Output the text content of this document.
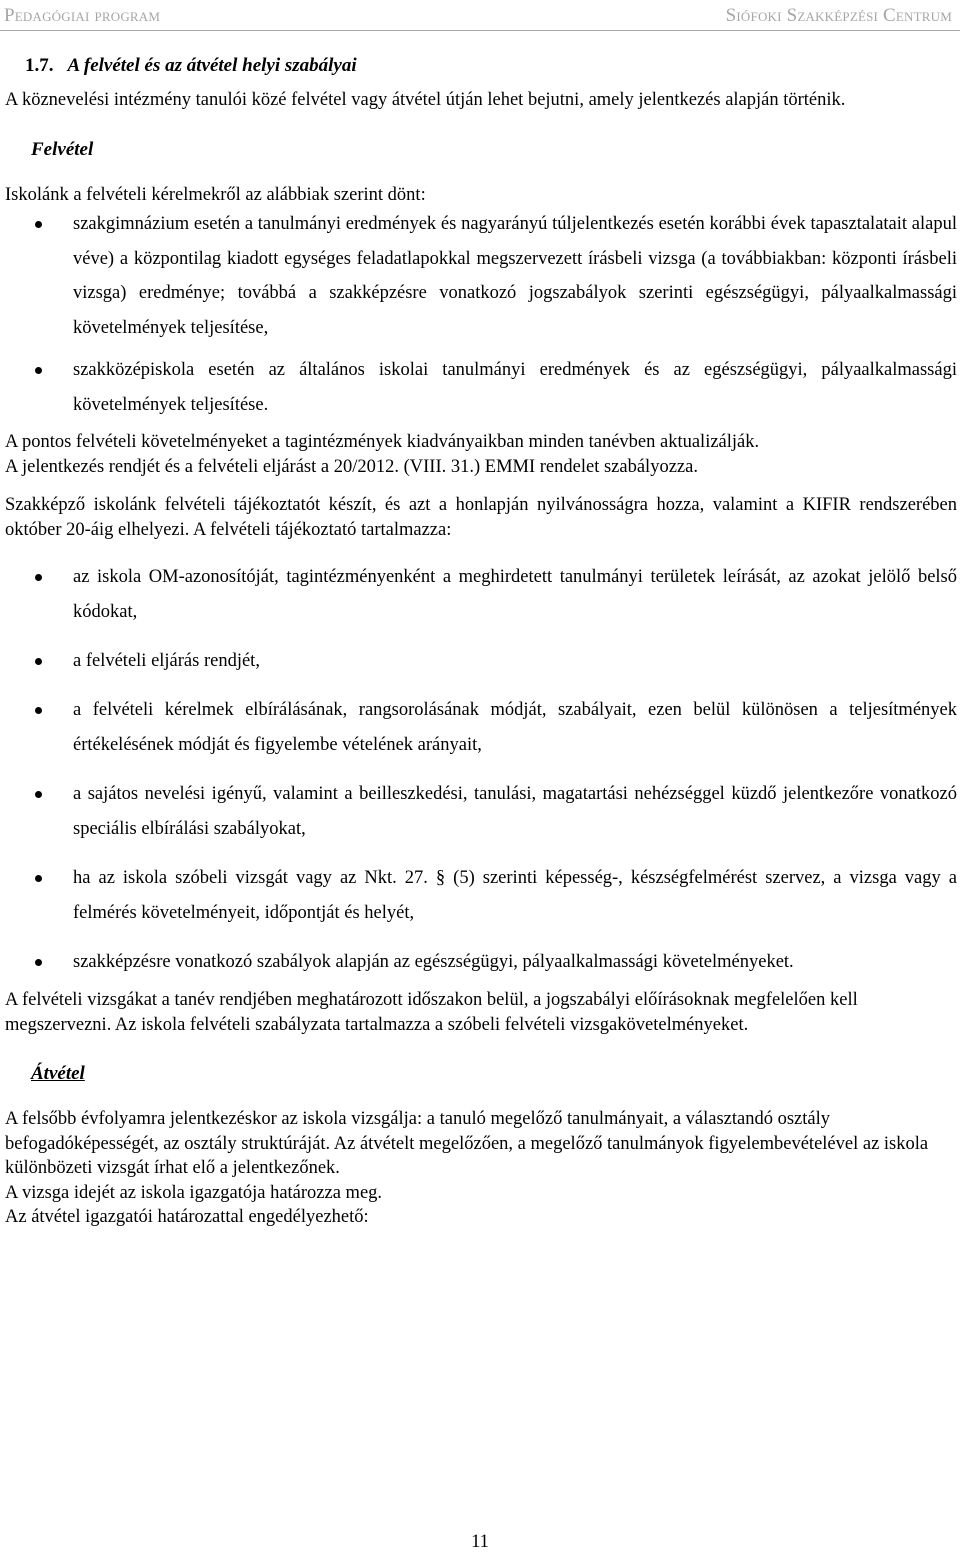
Pedagógiai program	Siófoki Szakképzési Centrum
1.7. A felvétel és az átvétel helyi szabályai

A köznevelési intézmény tanulói közé felvétel vagy átvétel útján lehet bejutni, amely jelentkezés alapján történik.

Felvétel

Iskolánk a felvételi kérelmekről az alábbiak szerint dönt:

szakgimnázium esetén a tanulmányi eredmények és nagyarányú túljelentkezés esetén korábbi évek tapasztalatait alapul véve) a központilag kiadott egységes feladatlapokkal megszervezett írásbeli vizsga (a továbbiakban: központi írásbeli vizsga) eredménye; továbbá a szakképzésre vonatkozó jogszabályok szerinti egészségügyi, pályaalkalmassági követelmények teljesítése,
szakközépiskola esetén az általános iskolai tanulmányi eredmények és az egészségügyi, pályaalkalmassági követelmények teljesítése.

A pontos felvételi követelményeket a tagintézmények kiadványaikban minden tanévben aktualizálják.

A jelentkezés rendjét és a felvételi eljárást a 20/2012. (VIII. 31.) EMMI rendelet szabályozza.

Szakképző iskolánk felvételi tájékoztatót készít, és azt a honlapján nyilvánosságra hozza, valamint a KIFIR rendszerében október 20-áig elhelyezi. A felvételi tájékoztató tartalmazza:

az iskola OM-azonosítóját, tagintézményenként a meghirdetett tanulmányi területek leírását, az azokat jelölő belső kódokat,
a felvételi eljárás rendjét,
a felvételi kérelmek elbírálásának, rangsorolásának módját, szabályait, ezen belül különösen a teljesítmények értékelésének módját és figyelembe vételének arányait,
a sajátos nevelési igényű, valamint a beilleszkedési, tanulási, magatartási nehézséggel küzdő jelentkezőre vonatkozó speciális elbírálási szabályokat,
ha az iskola szóbeli vizsgát vagy az Nkt. 27. § (5) szerinti képesség-, készségfelmérést szervez, a vizsga vagy a felmérés követelményeit, időpontját és helyét,
szakképzésre vonatkozó szabályok alapján az egészségügyi, pályaalkalmassági követelményeket.

A felvételi vizsgákat a tanév rendjében meghatározott időszakon belül, a jogszabályi előírásoknak megfelelően kell megszervezni. Az iskola felvételi szabályzata tartalmazza a szóbeli felvételi vizsgakövetelményeket.

Átvétel

A felsőbb évfolyamra jelentkezéskor az iskola vizsgálja: a tanuló megelőző tanulmányait, a választandó osztály befogadóképességét, az osztály struktúráját. Az átvételt megelőzően, a megelőző tanulmányok figyelembevételével az iskola különbözeti vizsgát írhat elő a jelentkezőnek.

A vizsga idejét az iskola igazgatója határozza meg.

Az átvétel igazgatói határozattal engedélyezhető:

11
